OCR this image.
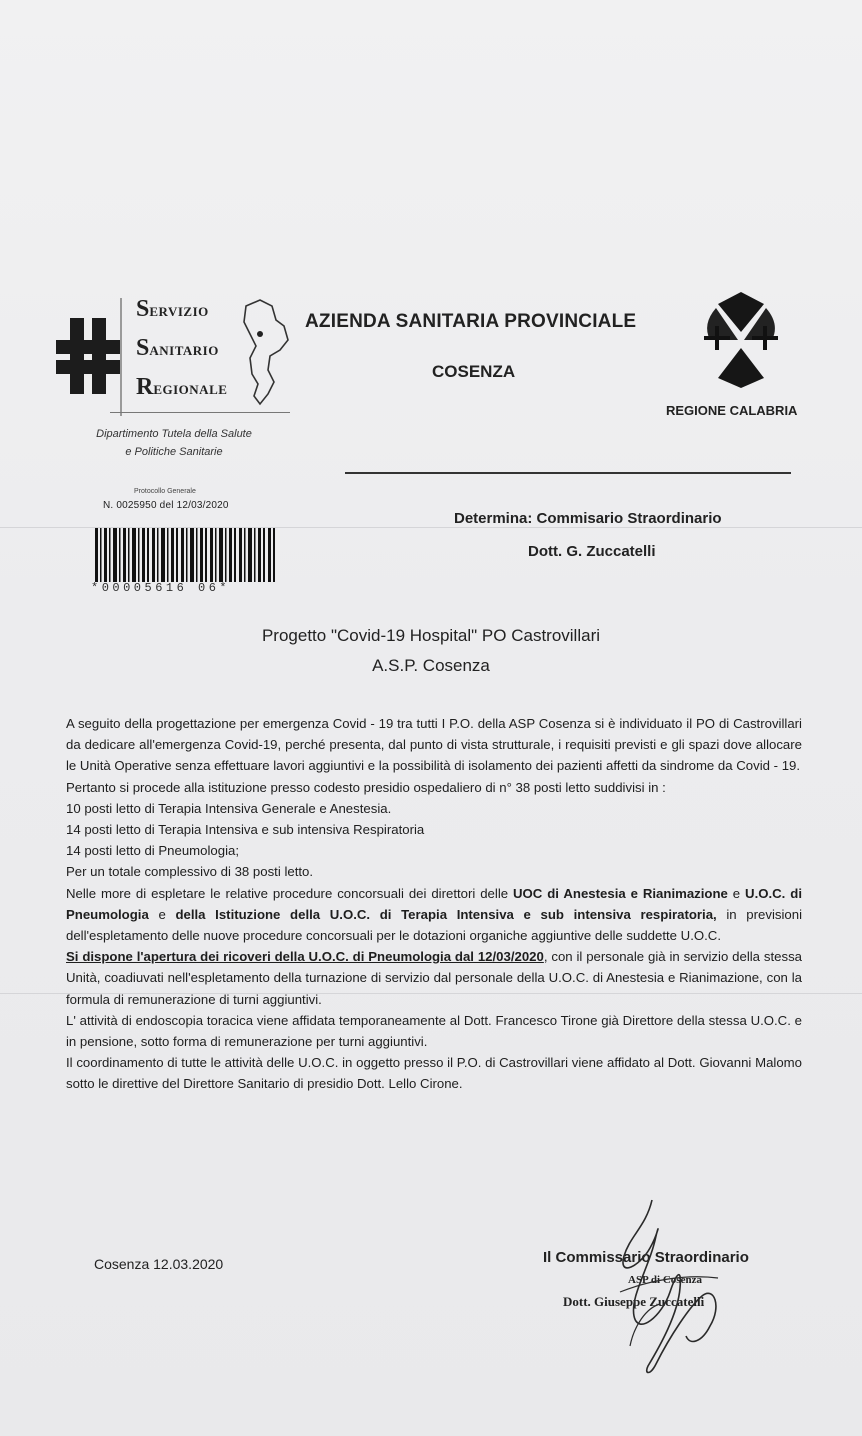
SERVIZIO
SANITARIO
REGIONALE
Dipartimento Tutela della Salute
e Politiche Sanitarie
AZIENDA SANITARIA PROVINCIALE
COSENZA
REGIONE CALABRIA
Protocollo Generale
N. 0025950 del 12/03/2020
*00005616 06*
Determina: Commisario Straordinario
Dott. G. Zuccatelli
Progetto "Covid-19 Hospital" PO Castrovillari
A.S.P. Cosenza

A seguito della progettazione per emergenza Covid - 19 tra tutti I P.O. della ASP Cosenza si è individuato il PO di Castrovillari da dedicare all'emergenza Covid-19, perché presenta, dal punto di vista strutturale, i requisiti previsti e gli spazi dove allocare le Unità Operative senza effettuare lavori aggiuntivi e la possibilità di isolamento dei pazienti affetti da sindrome da Covid - 19.

Pertanto si procede alla istituzione presso codesto presidio ospedaliero di n° 38 posti letto suddivisi in :

10 posti letto di Terapia Intensiva Generale e Anestesia.

14 posti letto di Terapia Intensiva e sub intensiva Respiratoria

14 posti letto di Pneumologia;

Per un totale complessivo di 38 posti letto.

Nelle more di espletare le relative procedure concorsuali dei direttori delle UOC di Anestesia e Rianimazione e U.O.C. di Pneumologia e della Istituzione della U.O.C. di Terapia Intensiva e sub intensiva respiratoria, in previsioni dell'espletamento delle nuove procedure concorsuali per le dotazioni organiche aggiuntive delle suddette U.O.C.

Si dispone l'apertura dei ricoveri della U.O.C. di Pneumologia dal 12/03/2020, con il personale già in servizio della stessa Unità, coadiuvati nell'espletamento della turnazione di servizio dal personale della U.O.C. di Anestesia e Rianimazione, con la formula di remunerazione di turni aggiuntivi.

L' attività di endoscopia toracica viene affidata temporaneamente al Dott. Francesco Tirone già Direttore della stessa U.O.C. e in pensione, sotto forma di remunerazione per turni aggiuntivi.

Il coordinamento di tutte le attività delle U.O.C. in oggetto presso il P.O. di Castrovillari viene affidato al Dott. Giovanni Malomo sotto le direttive del Direttore Sanitario di presidio Dott. Lello Cirone.

Cosenza 12.03.2020	Il Commissario Straordinario
ASP di Cosenza
Dott. Giuseppe Zuccatelli
